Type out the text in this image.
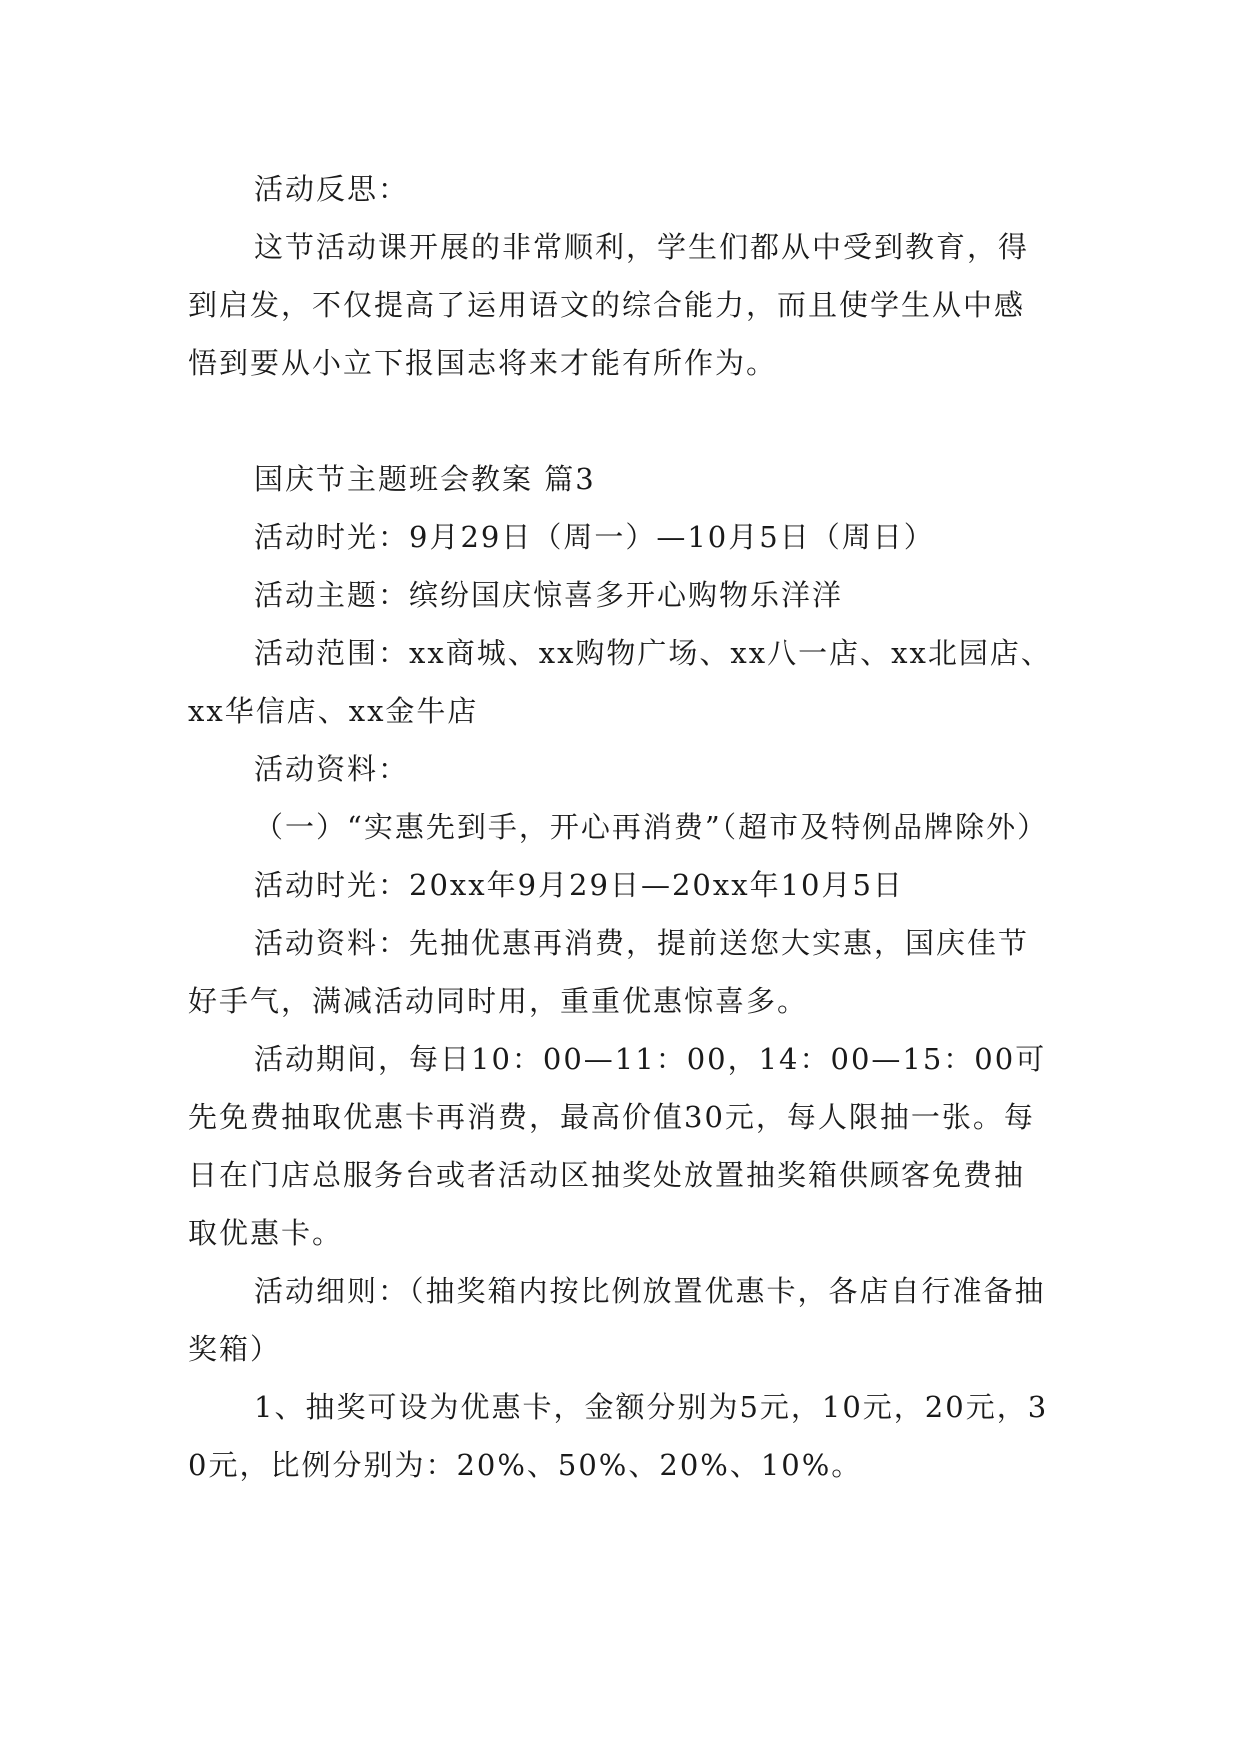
活动反思：

这节活动课开展的非常顺利，学生们都从中受到教育，得到启发，不仅提高了运用语文的综合能力，而且使学生从中感悟到要从小立下报国志将来才能有所作为。

国庆节主题班会教案 篇3

活动时光：9月29日（周一）—10月5日（周日）

活动主题：缤纷国庆惊喜多开心购物乐洋洋

活动范围：xx商城、xx购物广场、xx八一店、xx北园店、xx华信店、xx金牛店

活动资料：

（一）“实惠先到手，开心再消费”（超市及特例品牌除外）

活动时光：20xx年9月29日—20xx年10月5日

活动资料：先抽优惠再消费，提前送您大实惠，国庆佳节好手气，满减活动同时用，重重优惠惊喜多。

活动期间，每日10：00—11：00，14：00—15：00可先免费抽取优惠卡再消费，最高价值30元，每人限抽一张。每日在门店总服务台或者活动区抽奖处放置抽奖箱供顾客免费抽取优惠卡。

活动细则：（抽奖箱内按比例放置优惠卡，各店自行准备抽奖箱）

1、抽奖可设为优惠卡，金额分别为5元，10元，20元，30元，比例分别为：20%、50%、20%、10%。
